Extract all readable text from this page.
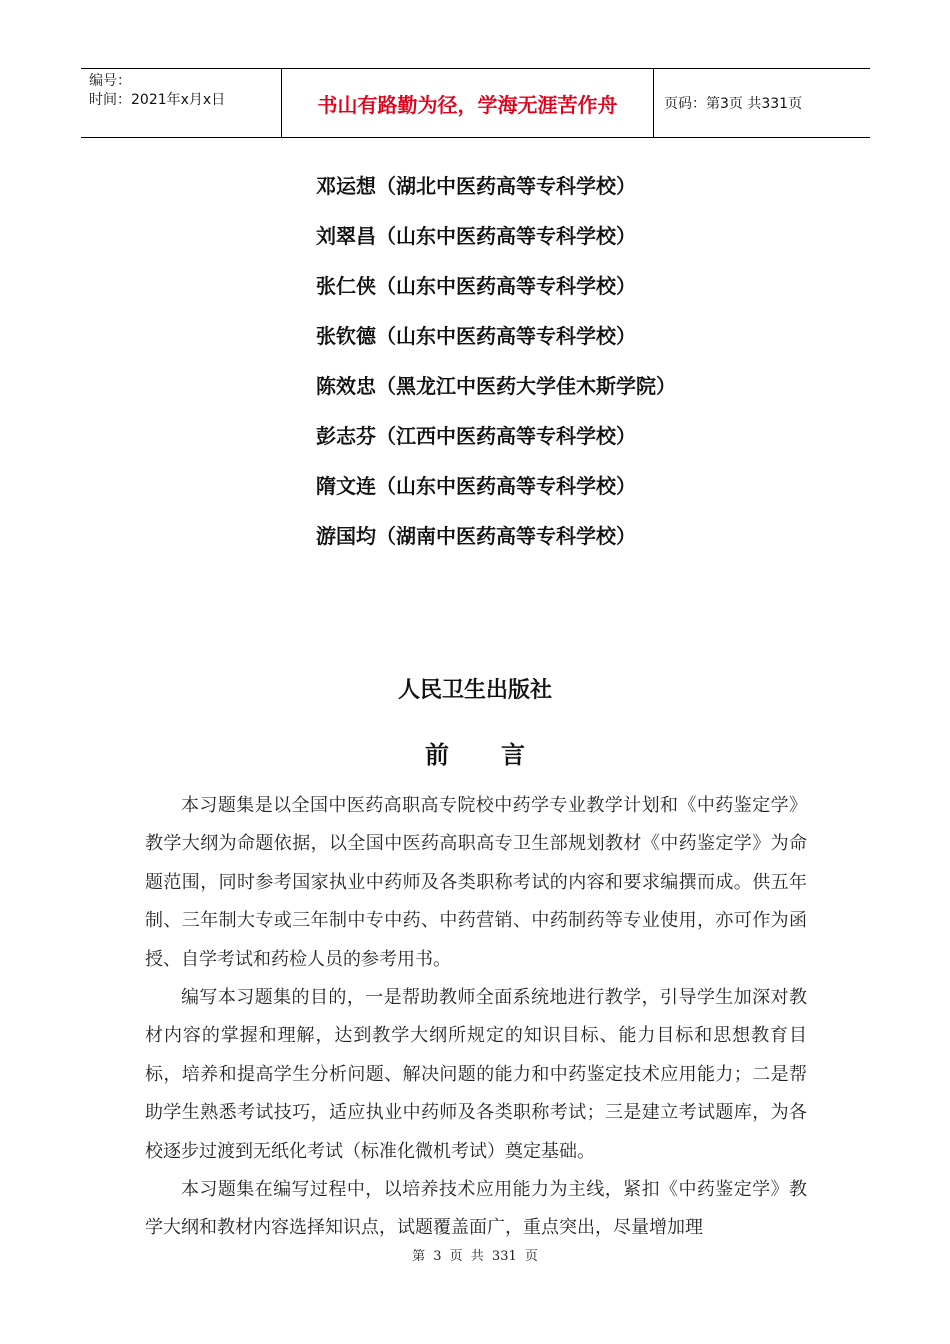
编号：
时间：2021年x月x日	书山有路勤为径，学海无涯苦作舟	页码：第3页 共331页
邓运想（湖北中医药高等专科学校）
刘翠昌（山东中医药高等专科学校）
张仁侠（山东中医药高等专科学校）
张钦德（山东中医药高等专科学校）
陈效忠（黑龙江中医药大学佳木斯学院）
彭志芬（江西中医药高等专科学校）
隋文连（山东中医药高等专科学校）
游国均（湖南中医药高等专科学校）
人民卫生出版社
前言

本习题集是以全国中医药高职高专院校中药学专业教学计划和《中药鉴定学》教学大纲为命题依据，以全国中医药高职高专卫生部规划教材《中药鉴定学》为命题范围，同时参考国家执业中药师及各类职称考试的内容和要求编撰而成。供五年制、三年制大专或三年制中专中药、中药营销、中药制药等专业使用，亦可作为函授、自学考试和药检人员的参考用书。

编写本习题集的目的，一是帮助教师全面系统地进行教学，引导学生加深对教材内容的掌握和理解，达到教学大纲所规定的知识目标、能力目标和思想教育目标，培养和提高学生分析问题、解决问题的能力和中药鉴定技术应用能力；二是帮助学生熟悉考试技巧，适应执业中药师及各类职称考试；三是建立考试题库，为各校逐步过渡到无纸化考试（标准化微机考试）奠定基础。

本习题集在编写过程中，以培养技术应用能力为主线，紧扣《中药鉴定学》教学大纲和教材内容选择知识点，试题覆盖面广，重点突出，尽量增加理

第 3 页 共 331 页
